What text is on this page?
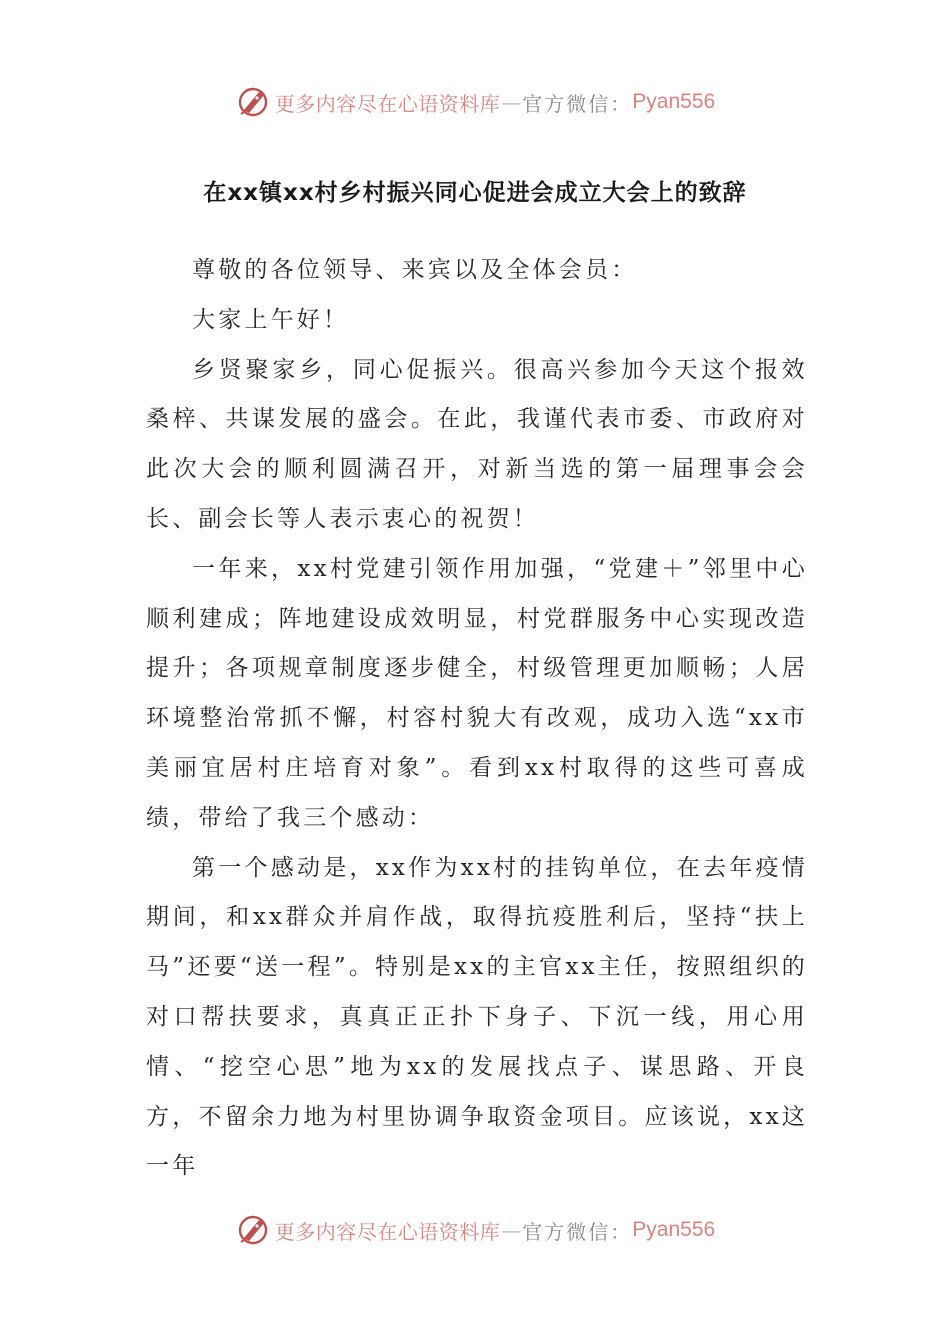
更多内容尽在心语资料库 — 官方微信： Pyan556
在xx镇xx村乡村振兴同心促进会成立大会上的致辞

尊敬的各位领导、来宾以及全体会员：

大家上午好！

乡贤聚家乡，同心促振兴。很高兴参加今天这个报效桑梓、共谋发展的盛会。在此，我谨代表市委、市政府对此次大会的顺利圆满召开，对新当选的第一届理事会会长、副会长等人表示衷心的祝贺！

一年来，xx村党建引领作用加强，“党建＋”邻里中心顺利建成；阵地建设成效明显，村党群服务中心实现改造提升；各项规章制度逐步健全，村级管理更加顺畅；人居环境整治常抓不懈，村容村貌大有改观，成功入选“xx市美丽宜居村庄培育对象”。看到xx村取得的这些可喜成绩，带给了我三个感动：

第一个感动是，xx作为xx村的挂钩单位，在去年疫情期间，和xx群众并肩作战，取得抗疫胜利后，坚持“扶上马”还要“送一程”。特别是xx的主官xx主任，按照组织的对口帮扶要求，真真正正扑下身子、下沉一线，用心用情、“挖空心思”地为xx的发展找点子、谋思路、开良方，不留余力地为村里协调争取资金项目。应该说，xx这一年

更多内容尽在心语资料库 — 官方微信： Pyan556
